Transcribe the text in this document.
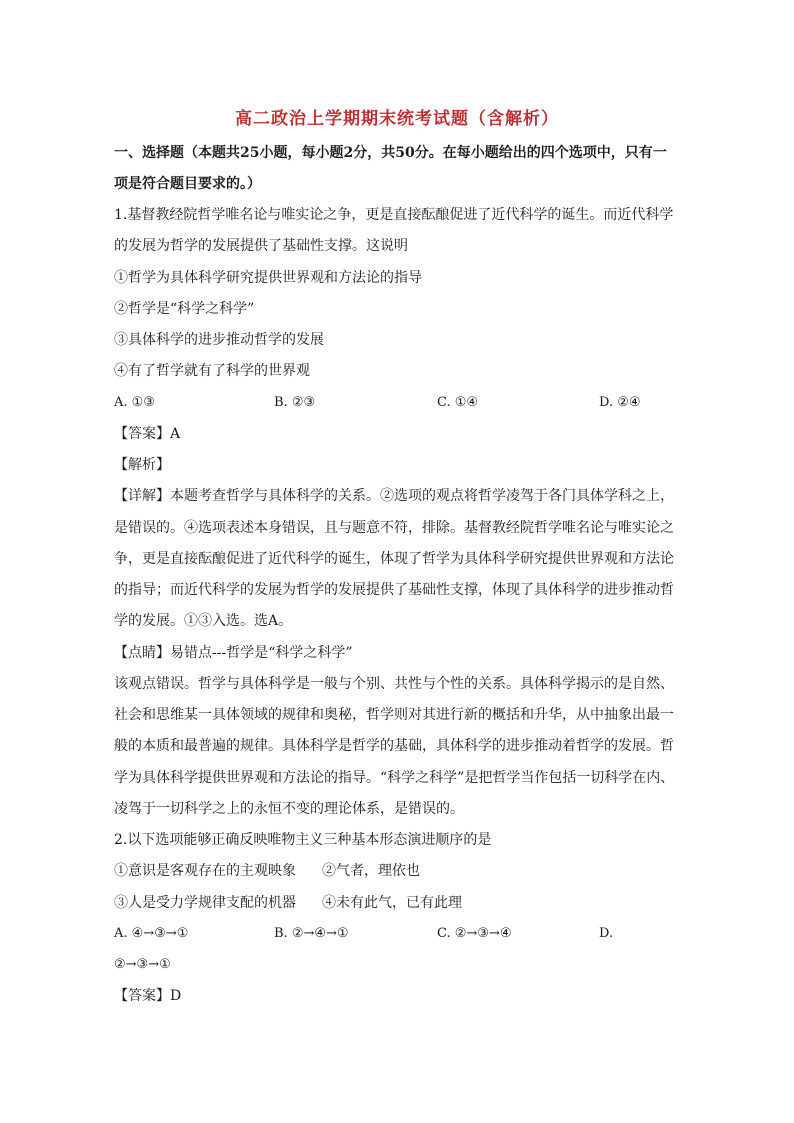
高二政治上学期期末统考试题（含解析）
一、选择题（本题共25小题，每小题2分，共50分。在每小题给出的四个选项中，只有一
项是符合题目要求的。）
1.基督教经院哲学唯名论与唯实论之争，更是直接酝酿促进了近代科学的诞生。而近代科学
的发展为哲学的发展提供了基础性支撑。这说明
①哲学为具体科学研究提供世界观和方法论的指导
②哲学是“科学之科学”
③具体科学的进步推动哲学的发展
④有了哲学就有了科学的世界观
A. ①③	B. ②③	C. ①④	D. ②④
【答案】A
【解析】
【详解】本题考查哲学与具体科学的关系。②选项的观点将哲学凌驾于各门具体学科之上，
是错误的。④选项表述本身错误，且与题意不符，排除。基督教经院哲学唯名论与唯实论之
争，更是直接酝酿促进了近代科学的诞生，体现了哲学为具体科学研究提供世界观和方法论
的指导；而近代科学的发展为哲学的发展提供了基础性支撑，体现了具体科学的进步推动哲
学的发展。①③入选。选A。
【点睛】易错点---哲学是“科学之科学”
该观点错误。哲学与具体科学是一般与个别、共性与个性的关系。具体科学揭示的是自然、
社会和思维某一具体领域的规律和奥秘，哲学则对其进行新的概括和升华，从中抽象出最一
般的本质和最普遍的规律。具体科学是哲学的基础，具体科学的进步推动着哲学的发展。哲
学为具体科学提供世界观和方法论的指导。“科学之科学”是把哲学当作包括一切科学在内、
凌驾于一切科学之上的永恒不变的理论体系，是错误的。
2.以下选项能够正确反映唯物主义三种基本形态演进顺序的是
①意识是客观存在的主观映象 ②气者，理依也
③人是受力学规律支配的机器 ④未有此气，已有此理
A. ④→③→①	B. ②→④→①	C. ②→③→④	D.
②→③→①
【答案】D
